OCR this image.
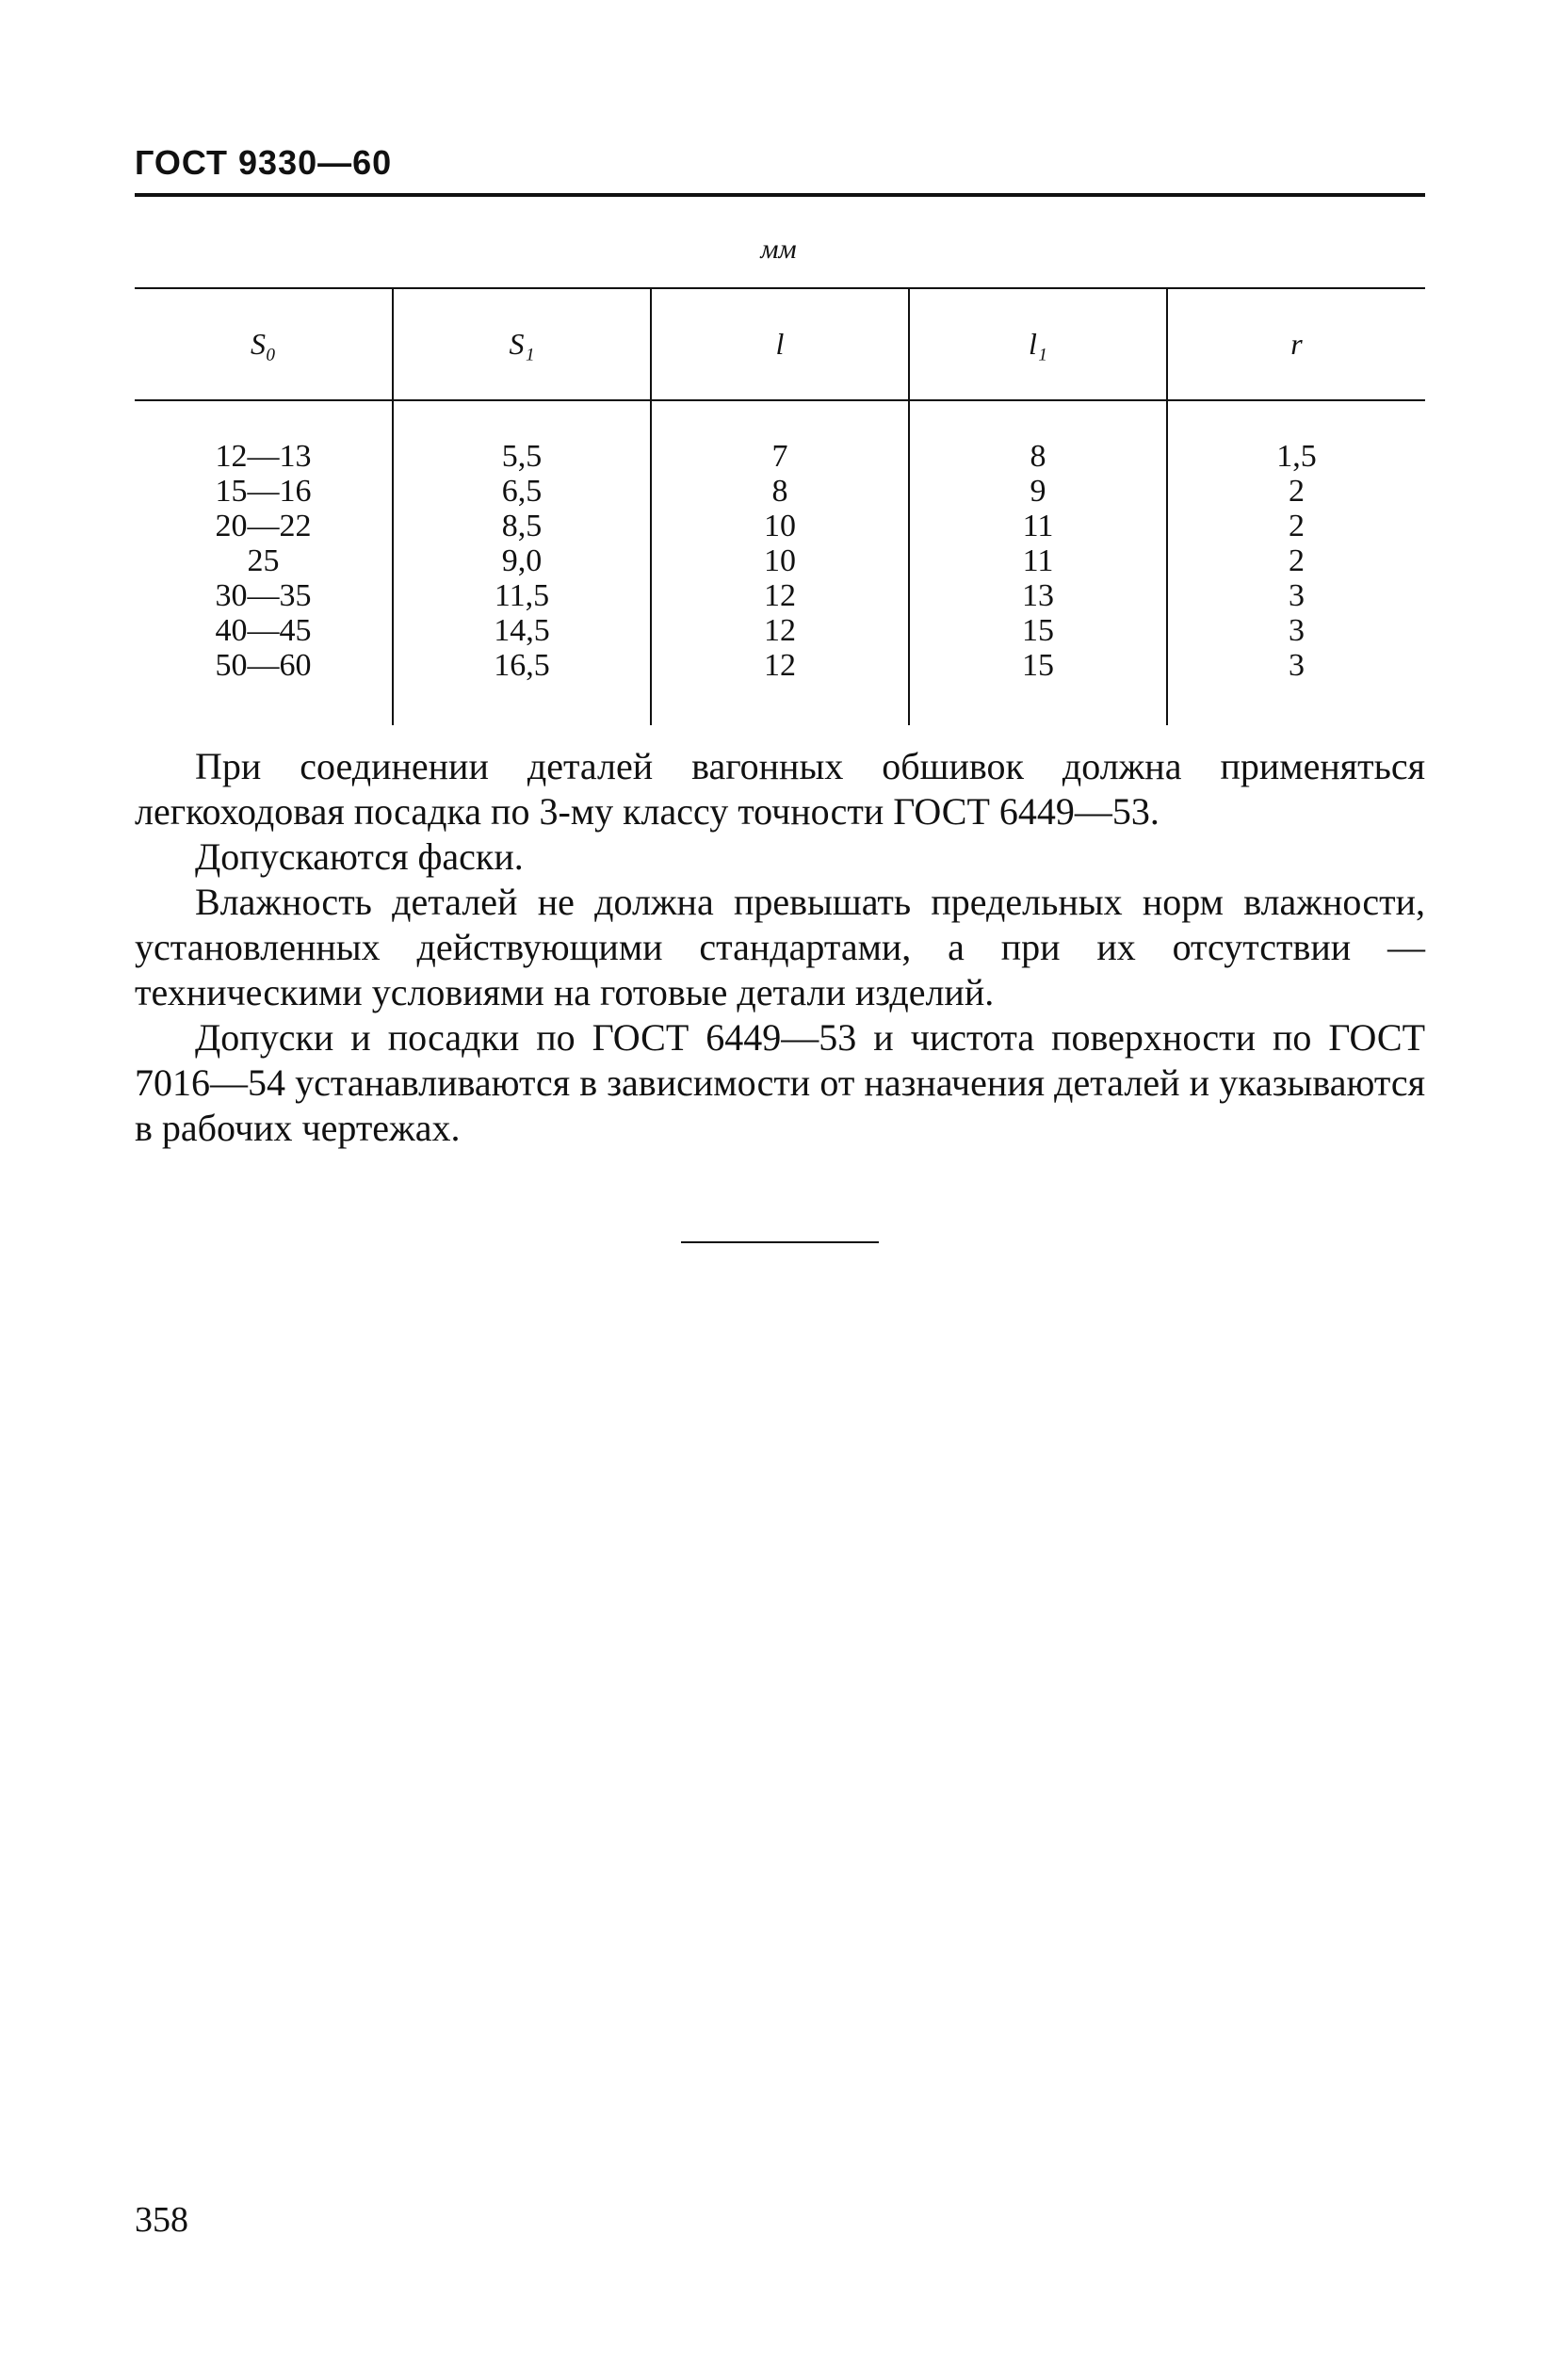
ГОСТ 9330—60
мм
S₀	S₁	l	l₁	r
12—13	5,5	7	8	1,5
15—16	6,5	8	9	2
20—22	8,5	10	11	2
25	9,0	10	11	2
30—35	11,5	12	13	3
40—45	14,5	12	15	3
50—60	16,5	12	15	3

При соединении деталей вагонных обшивок должна применяться легкоходовая посадка по 3-му классу точности ГОСТ 6449—53.

Допускаются фаски.

Влажность деталей не должна превышать предельных норм влажности, установленных действующими стандартами, а при их отсутствии — техническими условиями на готовые детали изделий.

Допуски и посадки по ГОСТ 6449—53 и чистота поверхности по ГОСТ 7016—54 устанавливаются в зависимости от назначения деталей и указываются в рабочих чертежах.

358
